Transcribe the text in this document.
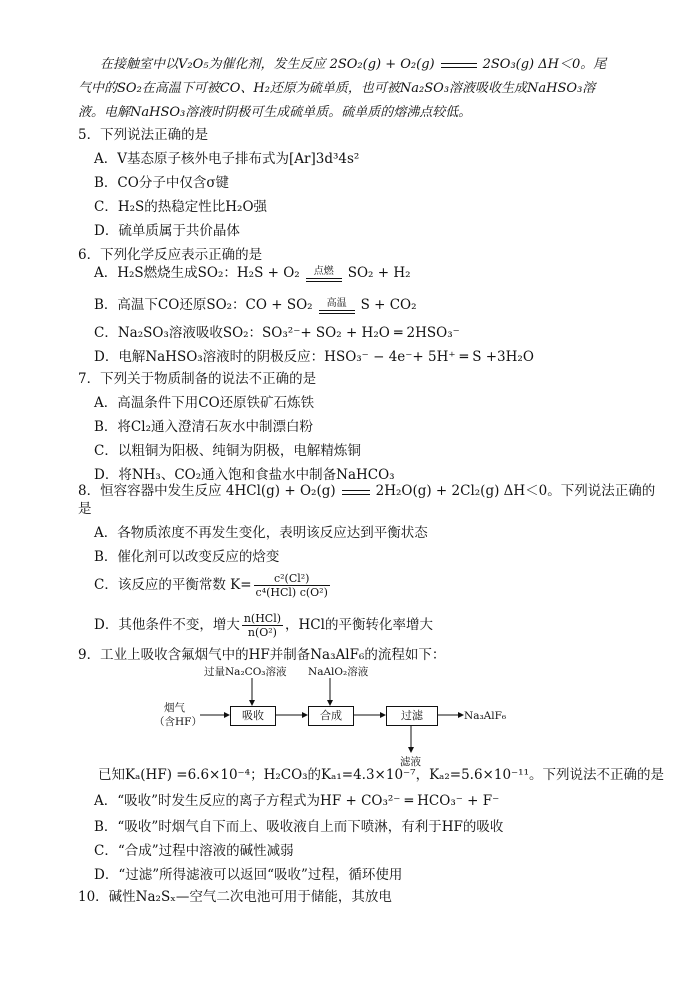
在接触室中以V₂O₅为催化剂，发生反应 2SO₂(g) + O₂(g)	2SO₃(g) ΔH＜0。尾
气中的SO₂在高温下可被CO、H₂还原为硫单质，也可被Na₂SO₃溶液吸收生成NaHSO₃溶
液。电解NaHSO₃溶液时阴极可生成硫单质。硫单质的熔沸点较低。
5．下列说法正确的是
A．V基态原子核外电子排布式为[Ar]3d³4s²
B．CO分子中仅含σ键
C．H₂S的热稳定性比H₂O强
D．硫单质属于共价晶体
6．下列化学反应表示正确的是
A．H₂S燃烧生成SO₂：H₂S + O₂	点燃	SO₂ + H₂
B．高温下CO还原SO₂：CO + SO₂	高温	S + CO₂
C．Na₂SO₃溶液吸收SO₂：SO₃²⁻+ SO₂ + H₂O ═ 2HSO₃⁻
D．电解NaHSO₃溶液时的阴极反应：HSO₃⁻ − 4e⁻+ 5H⁺ ═ S +3H₂O
7．下列关于物质制备的说法不正确的是
A．高温条件下用CO还原铁矿石炼铁
B．将Cl₂通入澄清石灰水中制漂白粉
C．以粗铜为阳极、纯铜为阴极，电解精炼铜
D．将NH₃、CO₂通入饱和食盐水中制备NaHCO₃
8．恒容容器中发生反应 4HCl(g) + O₂(g)	2H₂O(g) + 2Cl₂(g) ΔH＜0。下列说法正确的
是
A．各物质浓度不再发生变化，表明该反应达到平衡状态
B．催化剂可以改变反应的焓变
C．该反应的平衡常数 $K= \frac{\text{c²(Cl²)}}{\text{c⁴(HCl) c(O²)}}$
D．其他条件不变，增大 $\frac{\text{n(HCl)}}{\text{n(O²)}}$ ，HCl的平衡转化率增大
9．工业上吸收含氟烟气中的HF并制备Na₃AlF₆的流程如下：
过量Na₂CO₃溶液 NaAlO₂溶液
烟气
（含HF）	吸收	合成	过滤	Na₃AlF₆
滤液
已知Kₐ(HF) =6.6×10⁻⁴；H₂CO₃的Kₐ₁=4.3×10⁻⁷，Kₐ₂=5.6×10⁻¹¹。下列说法不正确的是
A．“吸收”时发生反应的离子方程式为HF + CO₃²⁻ ═ HCO₃⁻ + F⁻
B．“吸收”时烟气自下而上、吸收液自上而下喷淋，有利于HF的吸收
C．“合成”过程中溶液的碱性减弱
D．“过滤”所得滤液可以返回“吸收”过程，循环使用
10．碱性Na₂Sₓ—空气二次电池可用于储能，其放电
